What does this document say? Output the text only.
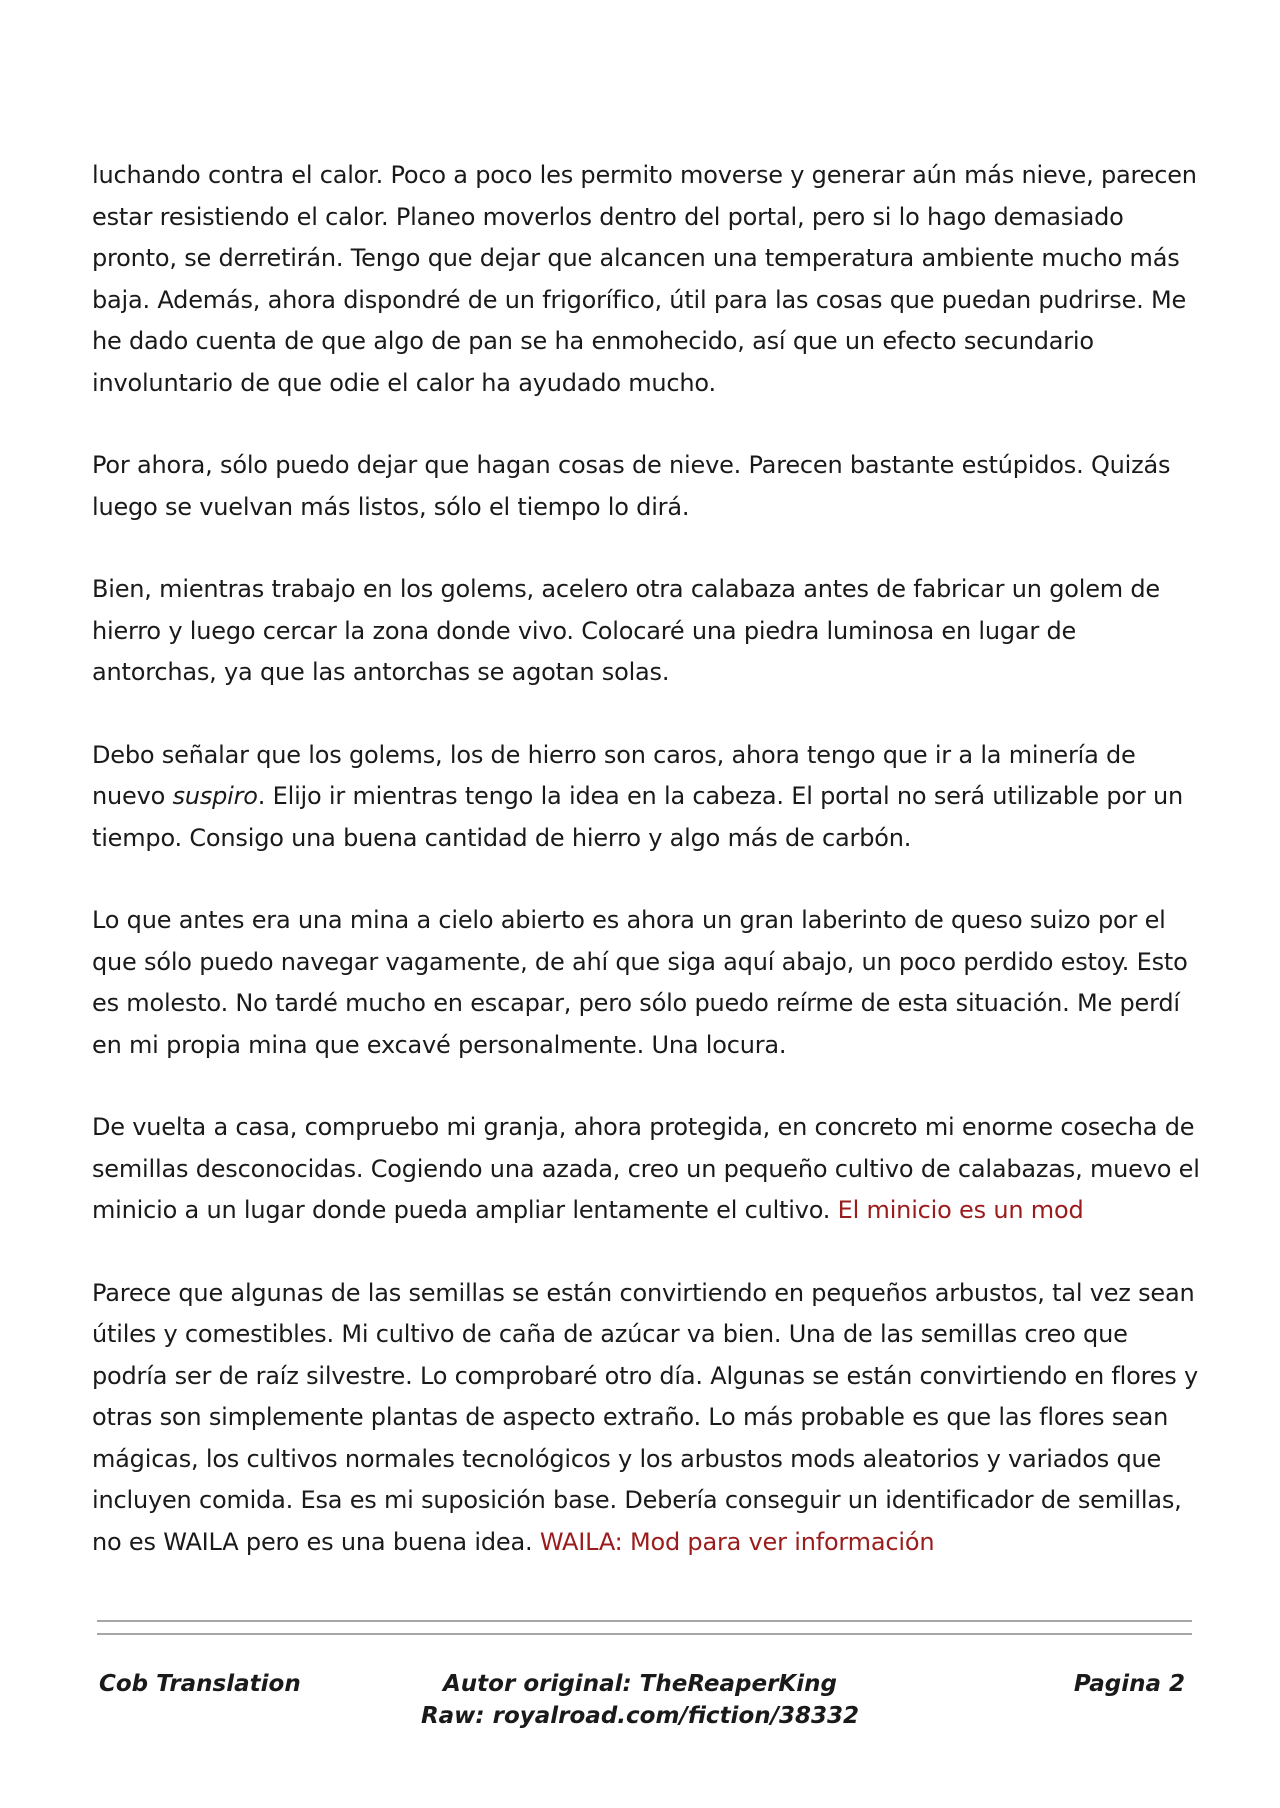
luchando contra el calor. Poco a poco les permito moverse y generar aún más nieve, parecen estar resistiendo el calor. Planeo moverlos dentro del portal, pero si lo hago demasiado pronto, se derretirán. Tengo que dejar que alcancen una temperatura ambiente mucho más baja. Además, ahora dispondré de un frigorífico, útil para las cosas que puedan pudrirse. Me he dado cuenta de que algo de pan se ha enmohecido, así que un efecto secundario involuntario de que odie el calor ha ayudado mucho.

Por ahora, sólo puedo dejar que hagan cosas de nieve. Parecen bastante estúpidos. Quizás luego se vuelvan más listos, sólo el tiempo lo dirá.

Bien, mientras trabajo en los golems, acelero otra calabaza antes de fabricar un golem de hierro y luego cercar la zona donde vivo. Colocaré una piedra luminosa en lugar de antorchas, ya que las antorchas se agotan solas.

Debo señalar que los golems, los de hierro son caros, ahora tengo que ir a la minería de nuevo suspiro. Elijo ir mientras tengo la idea en la cabeza. El portal no será utilizable por un tiempo. Consigo una buena cantidad de hierro y algo más de carbón.

Lo que antes era una mina a cielo abierto es ahora un gran laberinto de queso suizo por el que sólo puedo navegar vagamente, de ahí que siga aquí abajo, un poco perdido estoy. Esto es molesto. No tardé mucho en escapar, pero sólo puedo reírme de esta situación. Me perdí en mi propia mina que excavé personalmente. Una locura.

De vuelta a casa, compruebo mi granja, ahora protegida, en concreto mi enorme cosecha de semillas desconocidas. Cogiendo una azada, creo un pequeño cultivo de calabazas, muevo el minicio a un lugar donde pueda ampliar lentamente el cultivo. El minicio es un mod

Parece que algunas de las semillas se están convirtiendo en pequeños arbustos, tal vez sean útiles y comestibles. Mi cultivo de caña de azúcar va bien. Una de las semillas creo que podría ser de raíz silvestre. Lo comprobaré otro día. Algunas se están convirtiendo en flores y otras son simplemente plantas de aspecto extraño. Lo más probable es que las flores sean mágicas, los cultivos normales tecnológicos y los arbustos mods aleatorios y variados que incluyen comida. Esa es mi suposición base. Debería conseguir un identificador de semillas, no es WAILA pero es una buena idea. WAILA: Mod para ver información

Cob Translation	Autor original: TheReaperKing
Raw: royalroad.com/fiction/38332
Pagina 2
